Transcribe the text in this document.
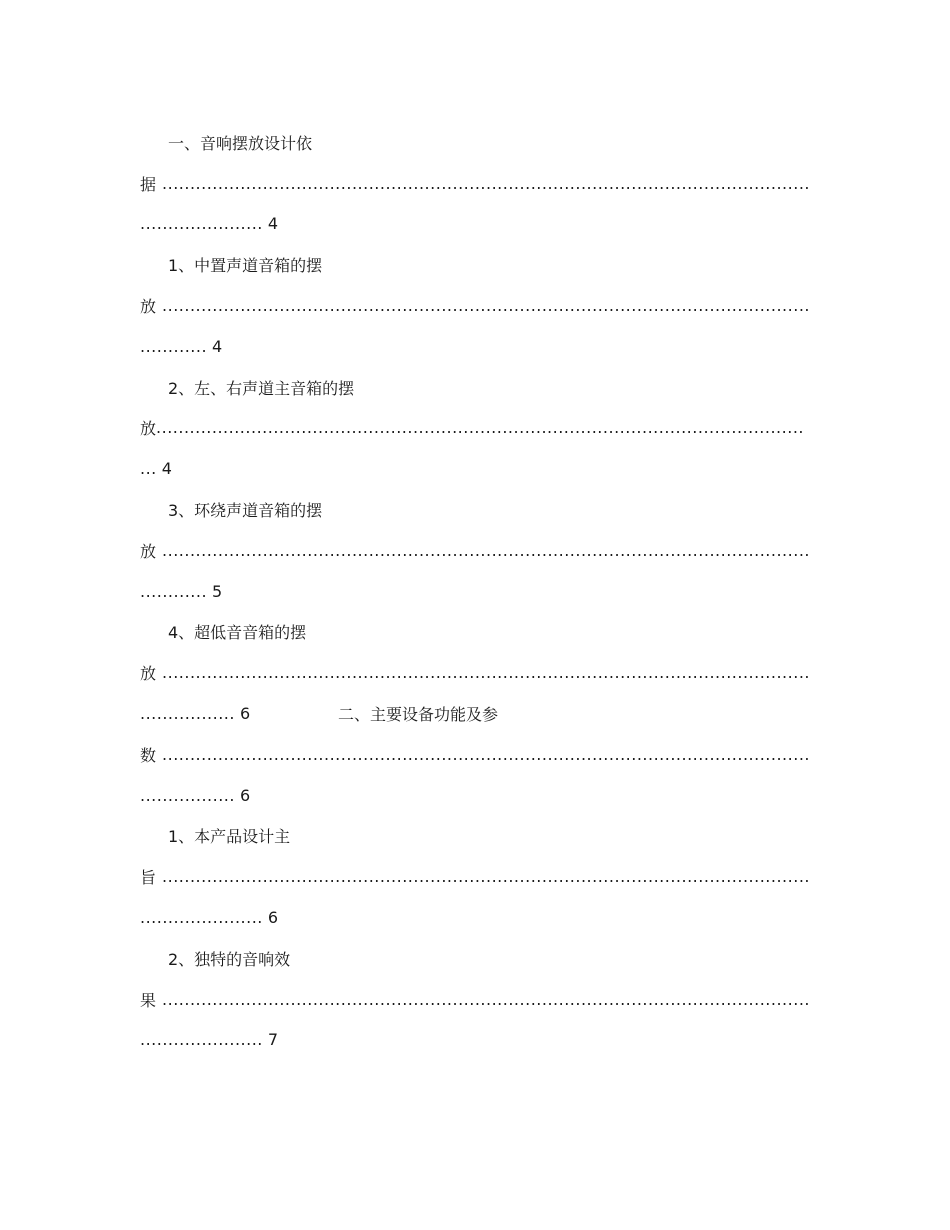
一、音响摆放设计依
据 ....................................................................................................................
...................... 4
1、中置声道音箱的摆
放 ....................................................................................................................
............ 4
2、左、右声道主音箱的摆
放 ....................................................................................................................
... 4
3、环绕声道音箱的摆
放 ....................................................................................................................
............ 5
4、超低音音箱的摆
放 ....................................................................................................................
................. 6	二、主要设备功能及参
数 ....................................................................................................................
................. 6
1、本产品设计主
旨 ....................................................................................................................
...................... 6
2、独特的音响效
果 ....................................................................................................................
...................... 7
